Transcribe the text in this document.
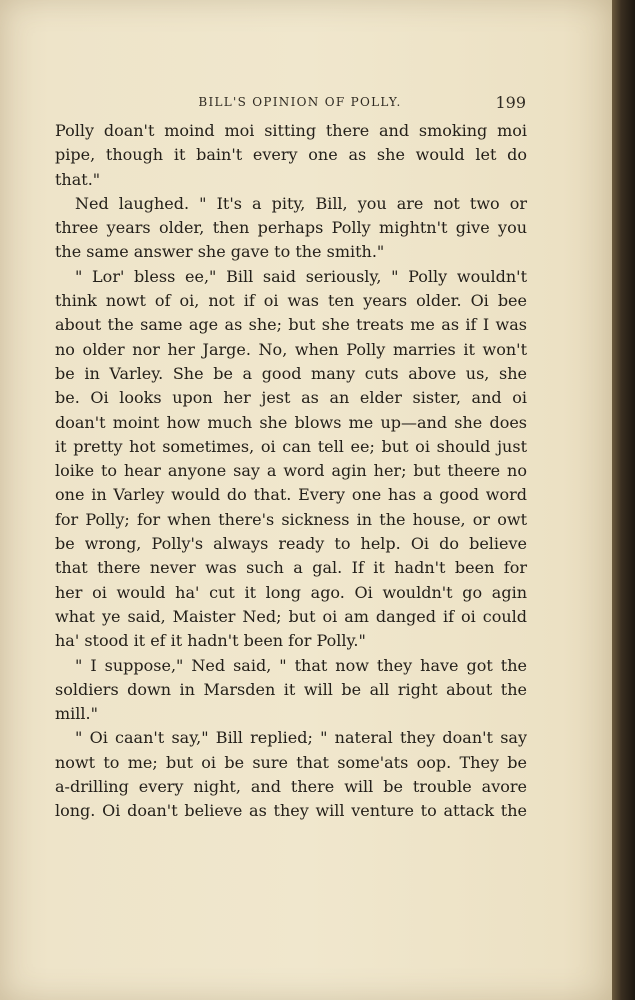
BILL'S OPINION OF POLLY.	199
Polly doan't moind moi sitting there and smoking moi
pipe, though it bain't every one as she would let do
that."
Ned laughed. " It's a pity, Bill, you are not two or
three years older, then perhaps Polly mightn't give you
the same answer she gave to the smith."
" Lor' bless ee," Bill said seriously, " Polly wouldn't
think nowt of oi, not if oi was ten years older. Oi bee
about the same age as she; but she treats me as if I was
no older nor her Jarge. No, when Polly marries it won't
be in Varley. She be a good many cuts above us, she
be. Oi looks upon her jest as an elder sister, and oi
doan't moint how much she blows me up—and she does
it pretty hot sometimes, oi can tell ee; but oi should just
loike to hear anyone say a word agin her; but theere no
one in Varley would do that. Every one has a good word
for Polly; for when there's sickness in the house, or owt
be wrong, Polly's always ready to help. Oi do believe
that there never was such a gal. If it hadn't been for
her oi would ha' cut it long ago. Oi wouldn't go agin
what ye said, Maister Ned; but oi am danged if oi could
ha' stood it ef it hadn't been for Polly."
" I suppose," Ned said, " that now they have got the
soldiers down in Marsden it will be all right about the
mill."
" Oi caan't say," Bill replied; " nateral they doan't say
nowt to me; but oi be sure that some'ats oop. They be
a-drilling every night, and there will be trouble avore
long. Oi doan't believe as they will venture to attack the
